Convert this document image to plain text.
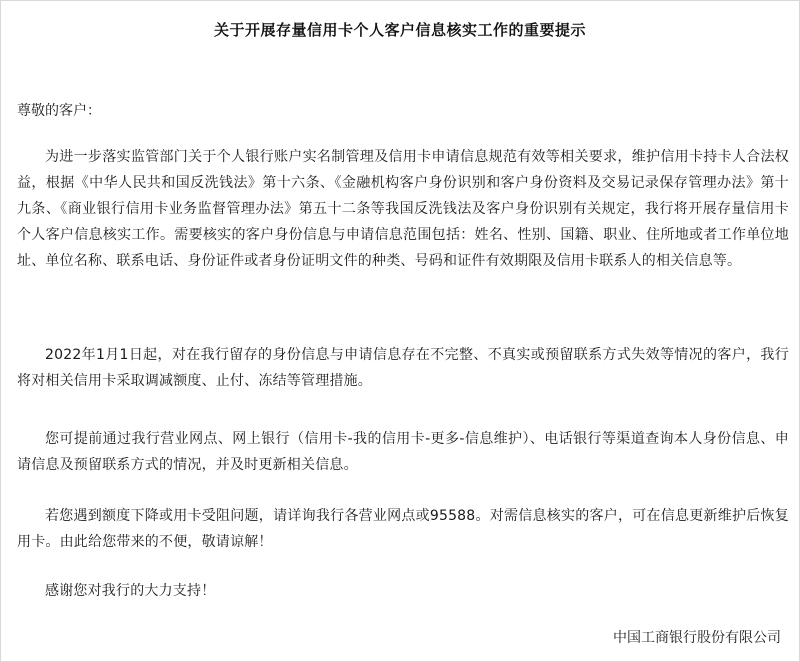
关于开展存量信用卡个人客户信息核实工作的重要提示
尊敬的客户：

为进一步落实监管部门关于个人银行账户实名制管理及信用卡申请信息规范有效等相关要求，维护信用卡持卡人合法权益，根据《中华人民共和国反洗钱法》第十六条、《金融机构客户身份识别和客户身份资料及交易记录保存管理办法》第十九条、《商业银行信用卡业务监督管理办法》第五十二条等我国反洗钱法及客户身份识别有关规定，我行将开展存量信用卡个人客户信息核实工作。需要核实的客户身份信息与申请信息范围包括：姓名、性别、国籍、职业、住所地或者工作单位地址、单位名称、联系电话、身份证件或者身份证明文件的种类、号码和证件有效期限及信用卡联系人的相关信息等。

2022年1月1日起，对在我行留存的身份信息与申请信息存在不完整、不真实或预留联系方式失效等情况的客户，我行将对相关信用卡采取调减额度、止付、冻结等管理措施。

您可提前通过我行营业网点、网上银行（信用卡-我的信用卡-更多-信息维护）、电话银行等渠道查询本人身份信息、申请信息及预留联系方式的情况，并及时更新相关信息。

若您遇到额度下降或用卡受阻问题，请详询我行各营业网点或95588。对需信息核实的客户，可在信息更新维护后恢复用卡。由此给您带来的不便，敬请谅解！

感谢您对我行的大力支持！

中国工商银行股份有限公司
